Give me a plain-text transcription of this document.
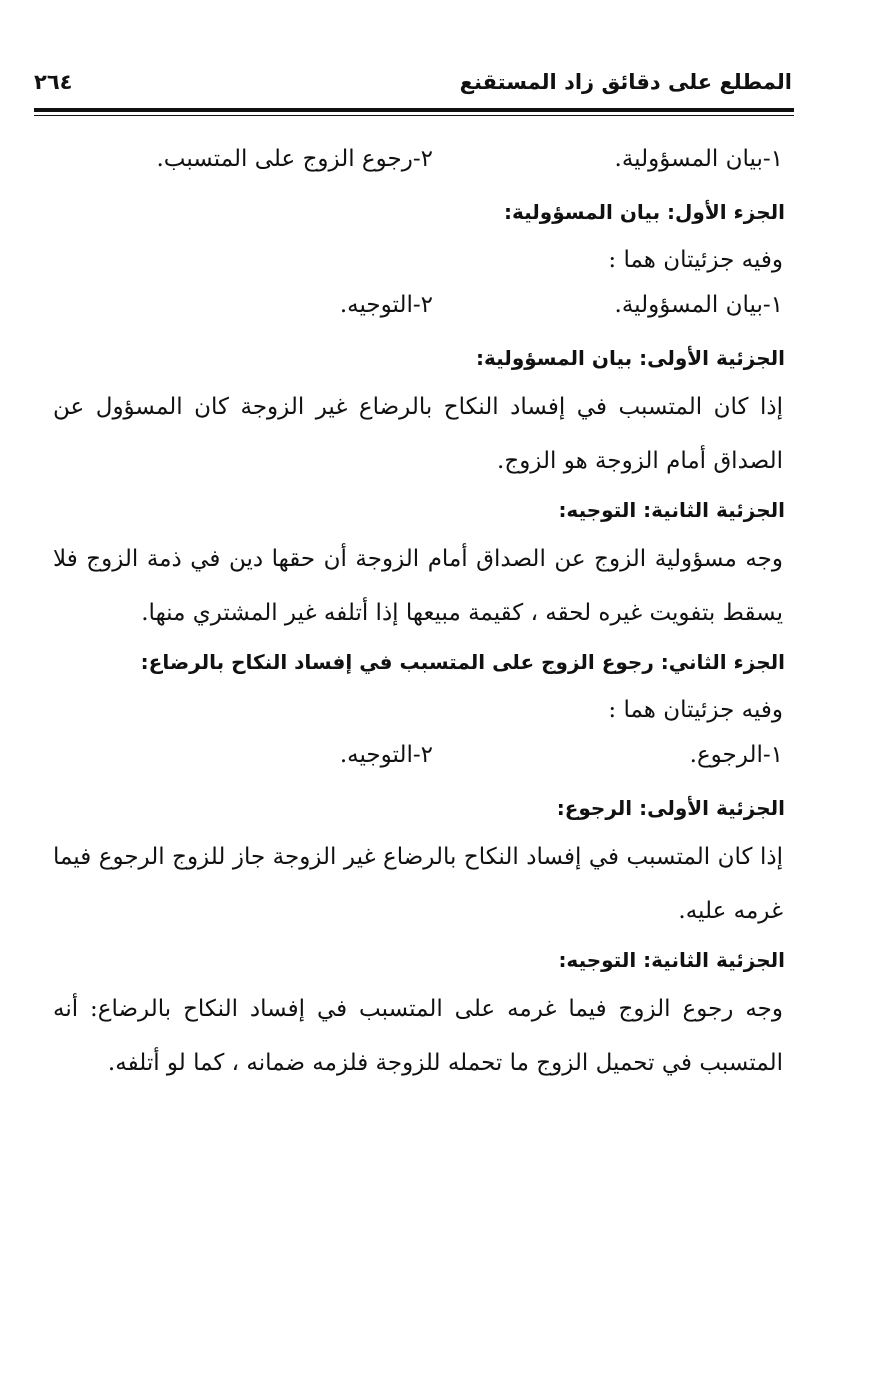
المطلع على دقائق زاد المستقنع
٢٦٤
١-بيان المسؤولية.
٢-رجوع الزوج على المتسبب.
الجزء الأول: بيان المسؤولية:
وفيه جزئيتان هما :
١-بيان المسؤولية.
٢-التوجيه.
الجزئية الأولى: بيان المسؤولية:
إذا كان المتسبب في إفساد النكاح بالرضاع غير الزوجة كان المسؤول عن الصداق أمام الزوجة هو الزوج.
الجزئية الثانية: التوجيه:
وجه مسؤولية الزوج عن الصداق أمام الزوجة أن حقها دين في ذمة الزوج فلا يسقط بتفويت غيره لحقه ، كقيمة مبيعها إذا أتلفه غير المشتري منها.
الجزء الثاني: رجوع الزوج على المتسبب في إفساد النكاح بالرضاع:
وفيه جزئيتان هما :
١-الرجوع.
٢-التوجيه.
الجزئية الأولى: الرجوع:
إذا كان المتسبب في إفساد النكاح بالرضاع غير الزوجة جاز للزوج الرجوع فيما غرمه عليه.
الجزئية الثانية: التوجيه:
وجه رجوع الزوج فيما غرمه على المتسبب في إفساد النكاح بالرضاع: أنه المتسبب في تحميل الزوج ما تحمله للزوجة فلزمه ضمانه ، كما لو أتلفه.
